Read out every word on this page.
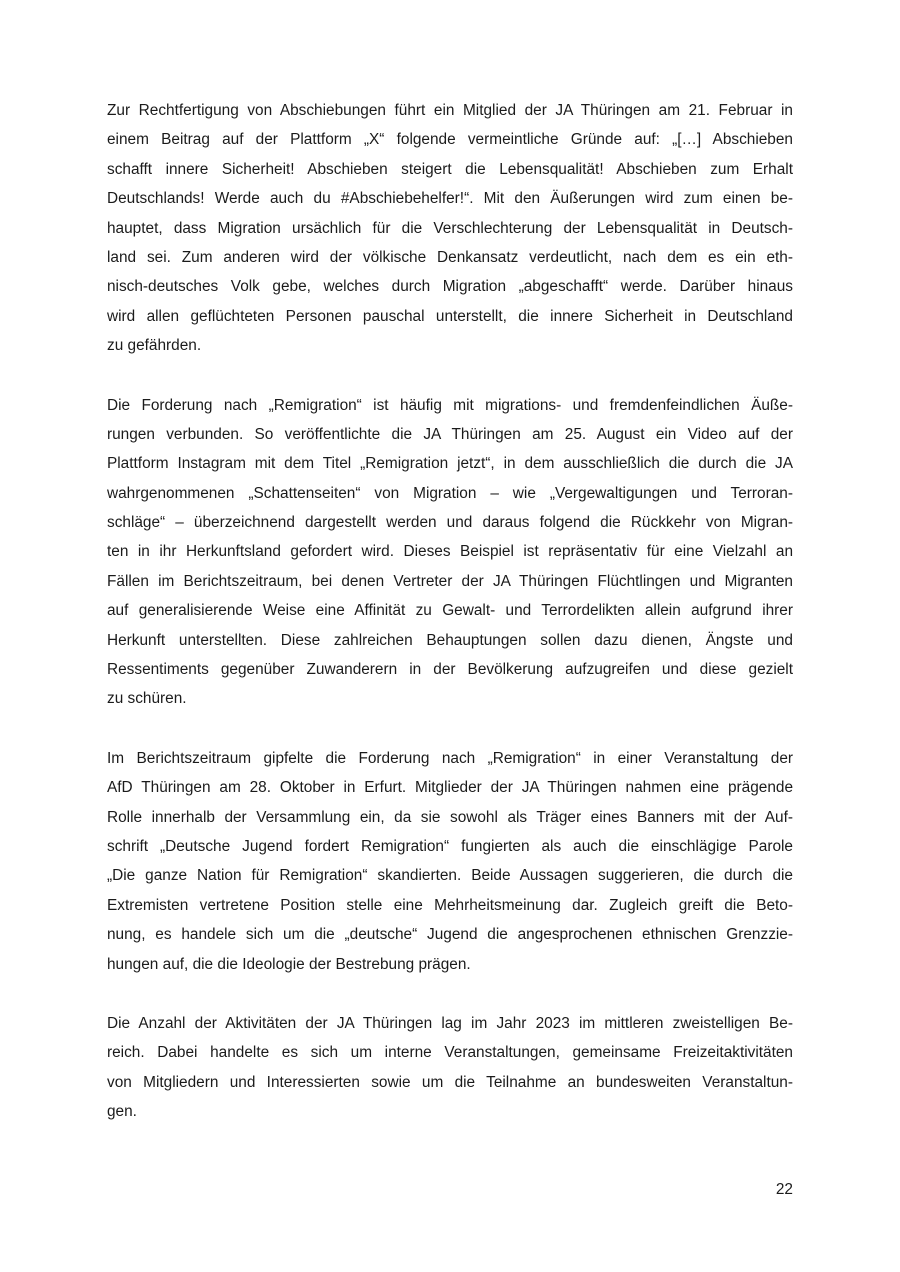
Zur Rechtfertigung von Abschiebungen führt ein Mitglied der JA Thüringen am 21. Februar in
einem Beitrag auf der Plattform „X“ folgende vermeintliche Gründe auf: „[…] Abschieben
schafft innere Sicherheit! Abschieben steigert die Lebensqualität! Abschieben zum Erhalt
Deutschlands! Werde auch du #Abschiebehelfer!“. Mit den Äußerungen wird zum einen be-
hauptet, dass Migration ursächlich für die Verschlechterung der Lebensqualität in Deutsch-
land sei. Zum anderen wird der völkische Denkansatz verdeutlicht, nach dem es ein eth-
nisch-deutsches Volk gebe, welches durch Migration „abgeschafft“ werde. Darüber hinaus
wird allen geflüchteten Personen pauschal unterstellt, die innere Sicherheit in Deutschland
zu gefährden.

Die Forderung nach „Remigration“ ist häufig mit migrations- und fremdenfeindlichen Äuße-
rungen verbunden. So veröffentlichte die JA Thüringen am 25. August ein Video auf der
Plattform Instagram mit dem Titel „Remigration jetzt“, in dem ausschließlich die durch die JA
wahrgenommenen „Schattenseiten“ von Migration – wie „Vergewaltigungen und Terroran-
schläge“ – überzeichnend dargestellt werden und daraus folgend die Rückkehr von Migran-
ten in ihr Herkunftsland gefordert wird. Dieses Beispiel ist repräsentativ für eine Vielzahl an
Fällen im Berichtszeitraum, bei denen Vertreter der JA Thüringen Flüchtlingen und Migranten
auf generalisierende Weise eine Affinität zu Gewalt- und Terrordelikten allein aufgrund ihrer
Herkunft unterstellten. Diese zahlreichen Behauptungen sollen dazu dienen, Ängste und
Ressentiments gegenüber Zuwanderern in der Bevölkerung aufzugreifen und diese gezielt
zu schüren.

Im Berichtszeitraum gipfelte die Forderung nach „Remigration“ in einer Veranstaltung der
AfD Thüringen am 28. Oktober in Erfurt. Mitglieder der JA Thüringen nahmen eine prägende
Rolle innerhalb der Versammlung ein, da sie sowohl als Träger eines Banners mit der Auf-
schrift „Deutsche Jugend fordert Remigration“ fungierten als auch die einschlägige Parole
„Die ganze Nation für Remigration“ skandierten. Beide Aussagen suggerieren, die durch die
Extremisten vertretene Position stelle eine Mehrheitsmeinung dar. Zugleich greift die Beto-
nung, es handele sich um die „deutsche“ Jugend die angesprochenen ethnischen Grenzzie-
hungen auf, die die Ideologie der Bestrebung prägen.

Die Anzahl der Aktivitäten der JA Thüringen lag im Jahr 2023 im mittleren zweistelligen Be-
reich. Dabei handelte es sich um interne Veranstaltungen, gemeinsame Freizeitaktivitäten
von Mitgliedern und Interessierten sowie um die Teilnahme an bundesweiten Veranstaltun-
gen.

22
